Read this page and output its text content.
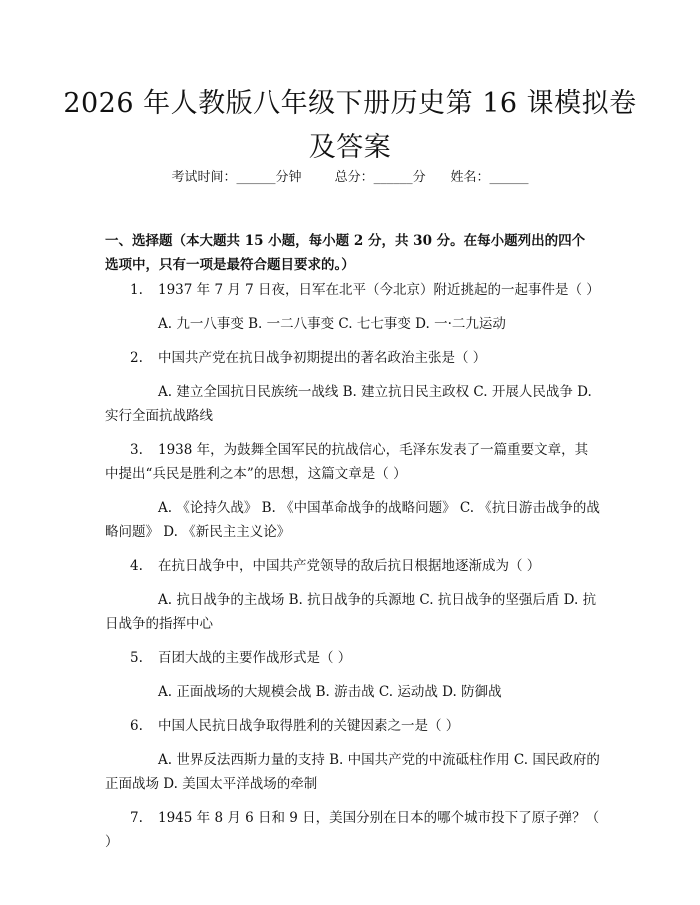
2026 年人教版八年级下册历史第 16 课模拟卷及答案
考试时间：______分钟	总分：______分 姓名：______
一、选择题（本大题共 15 小题，每小题 2 分，共 30 分。在每小题列出的四个选项中，只有一项是最符合题目要求的。）
1. 1937 年 7 月 7 日夜，日军在北平（今北京）附近挑起的一起事件是（ ）
A. 九一八事变 B. 一二八事变 C. 七七事变 D. 一·二九运动
2. 中国共产党在抗日战争初期提出的著名政治主张是（ ）
A. 建立全国抗日民族统一战线 B. 建立抗日民主政权 C. 开展人民战争 D. 实行全面抗战路线
3. 1938 年，为鼓舞全国军民的抗战信心，毛泽东发表了一篇重要文章，其中提出“兵民是胜利之本”的思想，这篇文章是（ ）
A. 《论持久战》 B. 《中国革命战争的战略问题》 C. 《抗日游击战争的战略问题》 D. 《新民主主义论》
4. 在抗日战争中，中国共产党领导的敌后抗日根据地逐渐成为（ ）
A. 抗日战争的主战场 B. 抗日战争的兵源地 C. 抗日战争的坚强后盾 D. 抗日战争的指挥中心
5. 百团大战的主要作战形式是（ ）
A. 正面战场的大规模会战 B. 游击战 C. 运动战 D. 防御战
6. 中国人民抗日战争取得胜利的关键因素之一是（ ）
A. 世界反法西斯力量的支持 B. 中国共产党的中流砥柱作用 C. 国民政府的正面战场 D. 美国太平洋战场的牵制
7. 1945 年 8 月 6 日和 9 日，美国分别在日本的哪个城市投下了原子弹？（ ）
